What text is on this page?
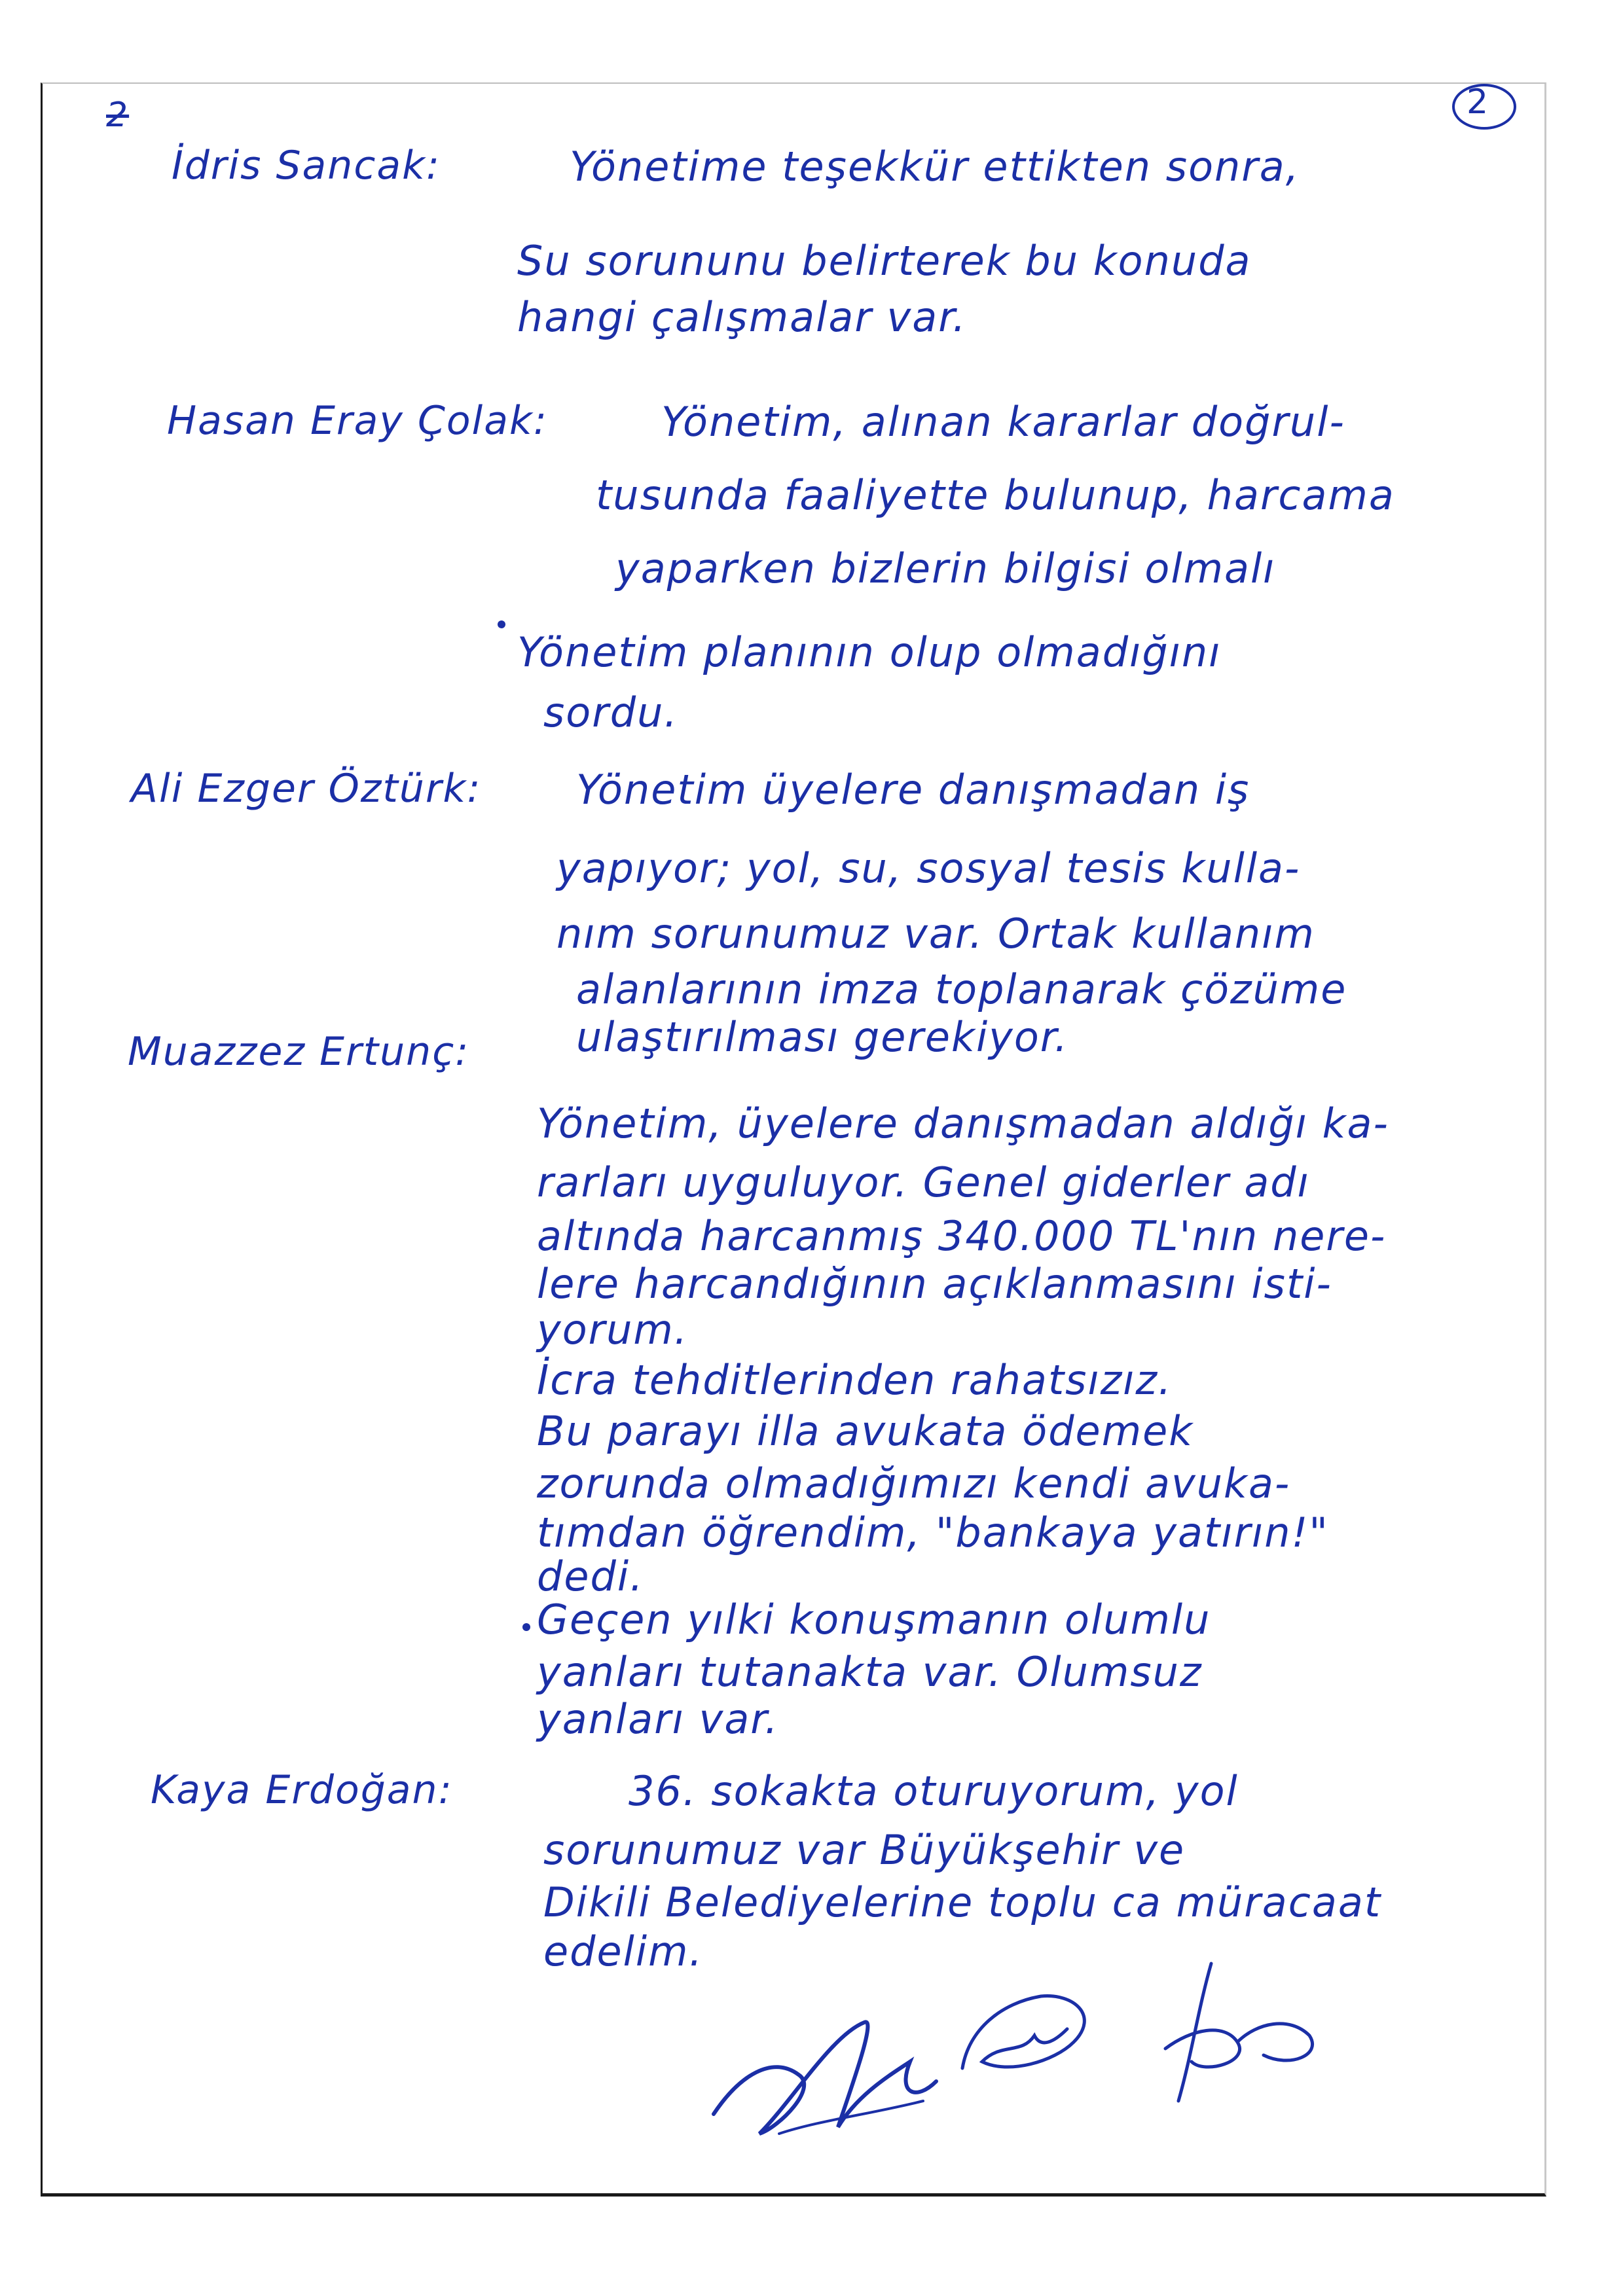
2	2
İdris Sancak:	Yönetime teşekkür ettikten sonra,
Su sorununu belirterek bu konuda
hangi çalışmalar var.
Hasan Eray Çolak:	Yönetim, alınan kararlar doğrul-
tusunda faaliyette bulunup, harcama
yaparken bizlerin bilgisi olmalı
Yönetim planının olup olmadığını
sordu.
Ali Ezger Öztürk: Yönetim üyelere danışmadan iş
yapıyor; yol, su, sosyal tesis kulla-
nım sorunumuz var. Ortak kullanım
alanlarının imza toplanarak çözüme
ulaştırılması gerekiyor.
Muazzez Ertunç:
Yönetim, üyelere danışmadan aldığı ka-
rarları uyguluyor. Genel giderler adı
altında harcanmış 340.000 TL'nın nere-
lere harcandığının açıklanmasını isti-
yorum.
İcra tehditlerinden rahatsızız.
Bu parayı illa avukata ödemek
zorunda olmadığımızı kendi avuka-
tımdan öğrendim, "bankaya yatırın!"
dedi.
Geçen yılki konuşmanın olumlu
yanları tutanakta var. Olumsuz
yanları var.
Kaya Erdoğan:	36. sokakta oturuyorum, yol
sorunumuz var Büyükşehir ve
Dikili Belediyelerine toplu ca müracaat
edelim.
